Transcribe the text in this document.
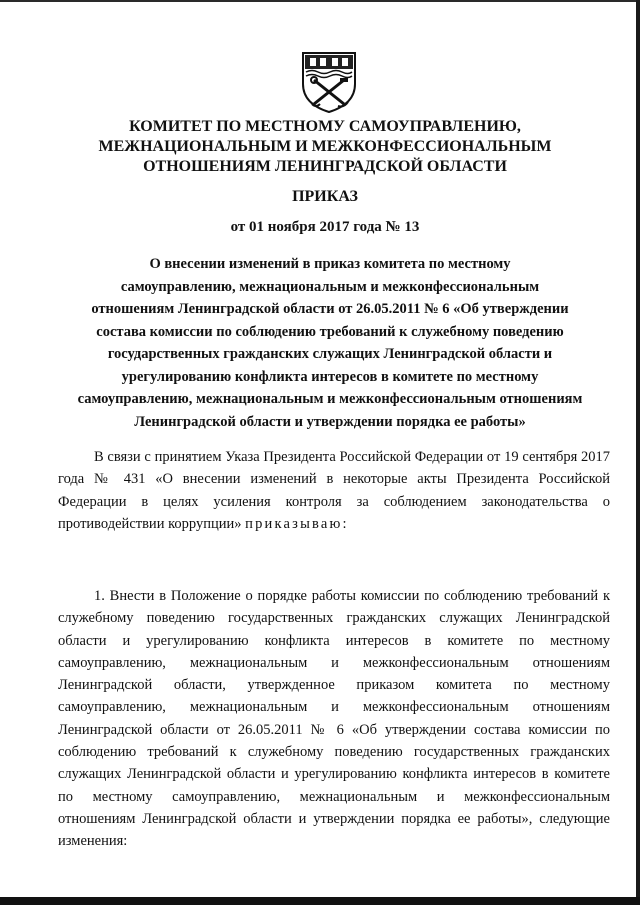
КОМИТЕТ ПО МЕСТНОМУ САМОУПРАВЛЕНИЮ,
МЕЖНАЦИОНАЛЬНЫМ И МЕЖКОНФЕССИОНАЛЬНЫМ
ОТНОШЕНИЯМ ЛЕНИНГРАДСКОЙ ОБЛАСТИ
ПРИКАЗ
от 01 ноября 2017 года № 13
О внесении изменений в приказ комитета по местному
самоуправлению, межнациональным и межконфессиональным
отношениям Ленинградской области от 26.05.2011 № 6 «Об утверждении
состава комиссии по соблюдению требований к служебному поведению
государственных гражданских служащих Ленинградской области и
урегулированию конфликта интересов в комитете по местному
самоуправлению, межнациональным и межконфессиональным отношениям
Ленинградской области и утверждении порядка ее работы»
В связи с принятием Указа Президента Российской Федерации от 19 сентября 2017 года № 431 «О внесении изменений в некоторые акты Президента Российской Федерации в целях усиления контроля за соблюдением законодательства о противодействии коррупции» приказываю:
1. Внести в Положение о порядке работы комиссии по соблюдению требований к служебному поведению государственных гражданских служащих Ленинградской области и урегулированию конфликта интересов в комитете по местному самоуправлению, межнациональным и межконфессиональным отношениям Ленинградской области, утвержденное приказом комитета по местному самоуправлению, межнациональным и межконфессиональным отношениям Ленинградской области от 26.05.2011 № 6 «Об утверждении состава комиссии по соблюдению требований к служебному поведению государственных гражданских служащих Ленинградской области и урегулированию конфликта интересов в комитете по местному самоуправлению, межнациональным и межконфессиональным отношениям Ленинградской области и утверждении порядка ее работы», следующие изменения:
